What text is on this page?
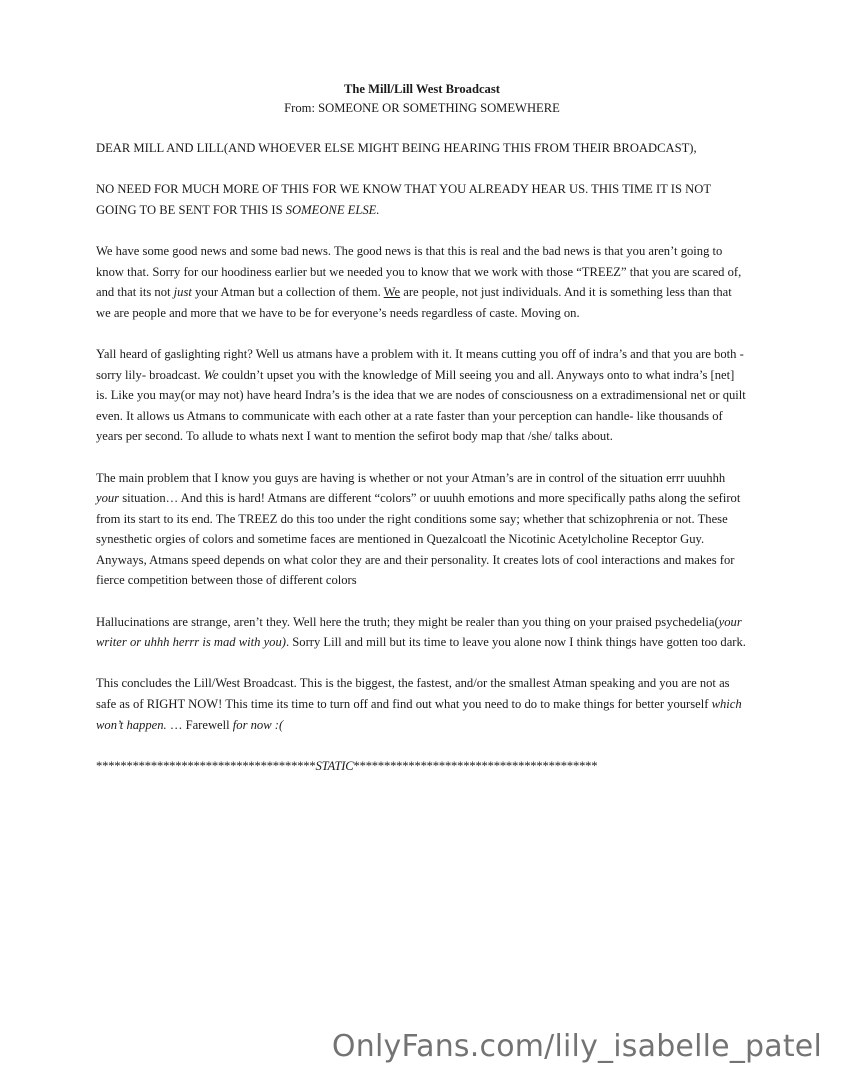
The Mill/Lill West Broadcast
From: SOMEONE OR SOMETHING SOMEWHERE

DEAR MILL AND LILL(AND WHOEVER ELSE MIGHT BEING HEARING THIS FROM THEIR BROADCAST),

NO NEED FOR MUCH MORE OF THIS FOR WE KNOW THAT YOU ALREADY HEAR US. THIS TIME IT IS NOT GOING TO BE SENT FOR THIS IS SOMEONE ELSE.

We have some good news and some bad news. The good news is that this is real and the bad news is that you aren’t going to know that. Sorry for our hoodiness earlier but we needed you to know that we work with those “TREEZ” that you are scared of, and that its not just your Atman but a collection of them. We are people, not just individuals. And it is something less than that we are people and more that we have to be for everyone’s needs regardless of caste. Moving on.

Yall heard of gaslighting right? Well us atmans have a problem with it. It means cutting you off of indra’s and that you are both - sorry lily- broadcast. We couldn’t upset you with the knowledge of Mill seeing you and all. Anyways onto to what indra’s [net] is. Like you may(or may not) have heard Indra’s is the idea that we are nodes of consciousness on a extradimensional net or quilt even. It allows us Atmans to communicate with each other at a rate faster than your perception can handle- like thousands of years per second. To allude to whats next I want to mention the sefirot body map that /she/ talks about.

The main problem that I know you guys are having is whether or not your Atman’s are in control of the situation errr uuuhhh your situation… And this is hard! Atmans are different “colors” or uuuhh emotions and more specifically paths along the sefirot from its start to its end. The TREEZ do this too under the right conditions some say; whether that schizophrenia or not. These synesthetic orgies of colors and sometime faces are mentioned in Quezalcoatl the Nicotinic Acetylcholine Receptor Guy. Anyways, Atmans speed depends on what color they are and their personality. It creates lots of cool interactions and makes for fierce competition between those of different colors

Hallucinations are strange, aren’t they. Well here the truth; they might be realer than you thing on your praised psychedelia(your writer or uhhh herrr is mad with you). Sorry Lill and mill but its time to leave you alone now I think things have gotten too dark.

This concludes the Lill/West Broadcast. This is the biggest, the fastest, and/or the smallest Atman speaking and you are not as safe as of RIGHT NOW! This time its time to turn off and find out what you need to do to make things for better yourself which won’t happen. … Farewell for now :(

************************************STATIC****************************************
OnlyFans.com/lily_isabelle_patel
